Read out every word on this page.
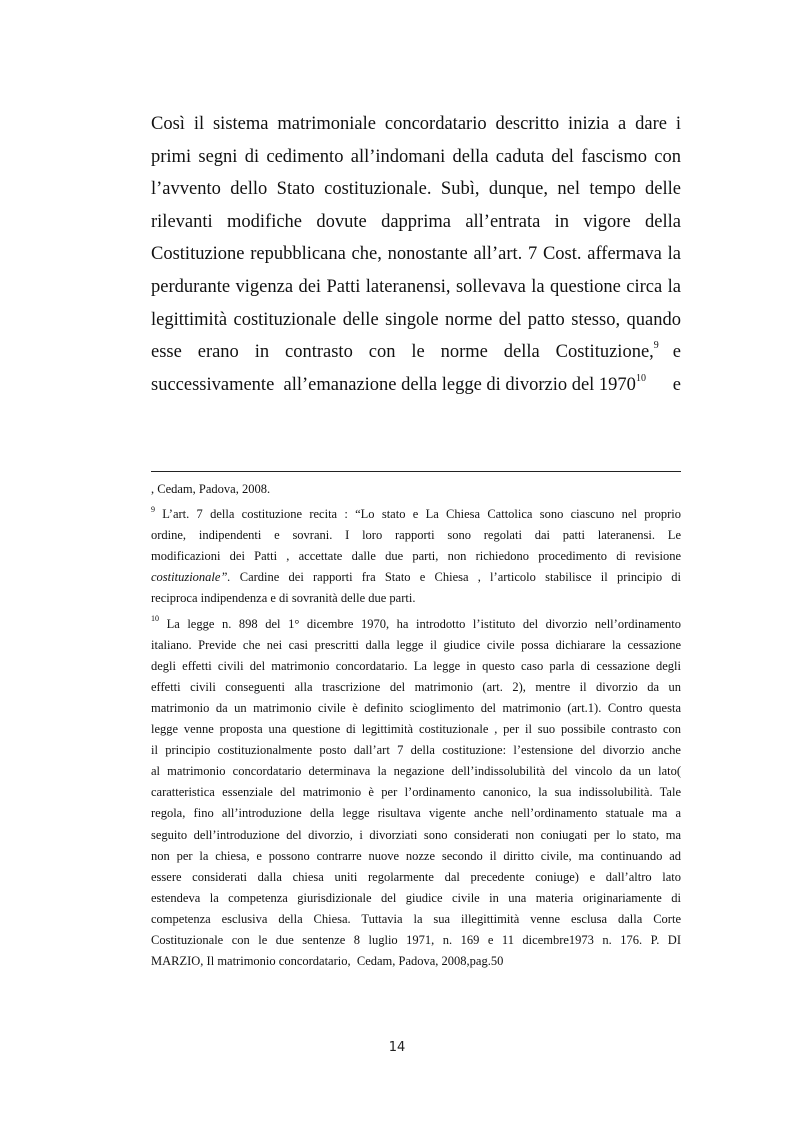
Così il sistema matrimoniale concordatario descritto inizia a dare i
primi segni di cedimento all’indomani della caduta del fascismo con
l’avvento dello Stato costituzionale. Subì, dunque, nel tempo delle
rilevanti modifiche dovute dapprima all’entrata in vigore della
Costituzione repubblicana che, nonostante all’art. 7 Cost. affermava la
perdurante vigenza dei Patti lateranensi, sollevava la questione circa la
legittimità costituzionale delle singole norme del patto stesso, quando
esse erano in contrasto con le norme della Costituzione,$^9$ e
successivamente  all’emanazione della legge di divorzio del 1970$^{10}$ e
, Cedam, Padova, 2008.
$^9$ L’art. 7 della costituzione recita : “Lo stato e La Chiesa Cattolica sono ciascuno nel proprio
ordine, indipendenti e sovrani. I loro rapporti sono regolati dai patti lateranensi. Le
modificazioni dei Patti , accettate dalle due parti, non richiedono procedimento di revisione
costituzionale”. Cardine dei rapporti fra Stato e Chiesa , l’articolo stabilisce il principio di
reciproca indipendenza e di sovranità delle due parti.
$^{10}$ La legge n. 898 del 1° dicembre 1970, ha introdotto l’istituto del divorzio nell’ordinamento
italiano. Previde che nei casi prescritti dalla legge il giudice civile possa dichiarare la cessazione
degli effetti civili del matrimonio concordatario. La legge in questo caso parla di cessazione degli
effetti civili conseguenti alla trascrizione del matrimonio (art. 2), mentre il divorzio da un
matrimonio da un matrimonio civile è definito scioglimento del matrimonio (art.1). Contro questa
legge venne proposta una questione di legittimità costituzionale , per il suo possibile contrasto con
il principio costituzionalmente posto dall’art 7 della costituzione: l’estensione del divorzio anche
al matrimonio concordatario determinava la negazione dell’indissolubilità del vincolo da un lato(
caratteristica essenziale del matrimonio è per l’ordinamento canonico, la sua indissolubilità. Tale
regola, fino all’introduzione della legge risultava vigente anche nell’ordinamento statuale ma a
seguito dell’introduzione del divorzio, i divorziati sono considerati non coniugati per lo stato, ma
non per la chiesa, e possono contrarre nuove nozze secondo il diritto civile, ma continuando ad
essere considerati dalla chiesa uniti regolarmente dal precedente coniuge) e dall’altro lato
estendeva la competenza giurisdizionale del giudice civile in una materia originariamente di
competenza esclusiva della Chiesa. Tuttavia la sua illegittimità venne esclusa dalla Corte
Costituzionale con le due sentenze 8 luglio 1971, n. 169 e 11 dicembre1973 n. 176. P. DI
MARZIO, Il matrimonio concordatario,  Cedam, Padova, 2008,pag.50
14
